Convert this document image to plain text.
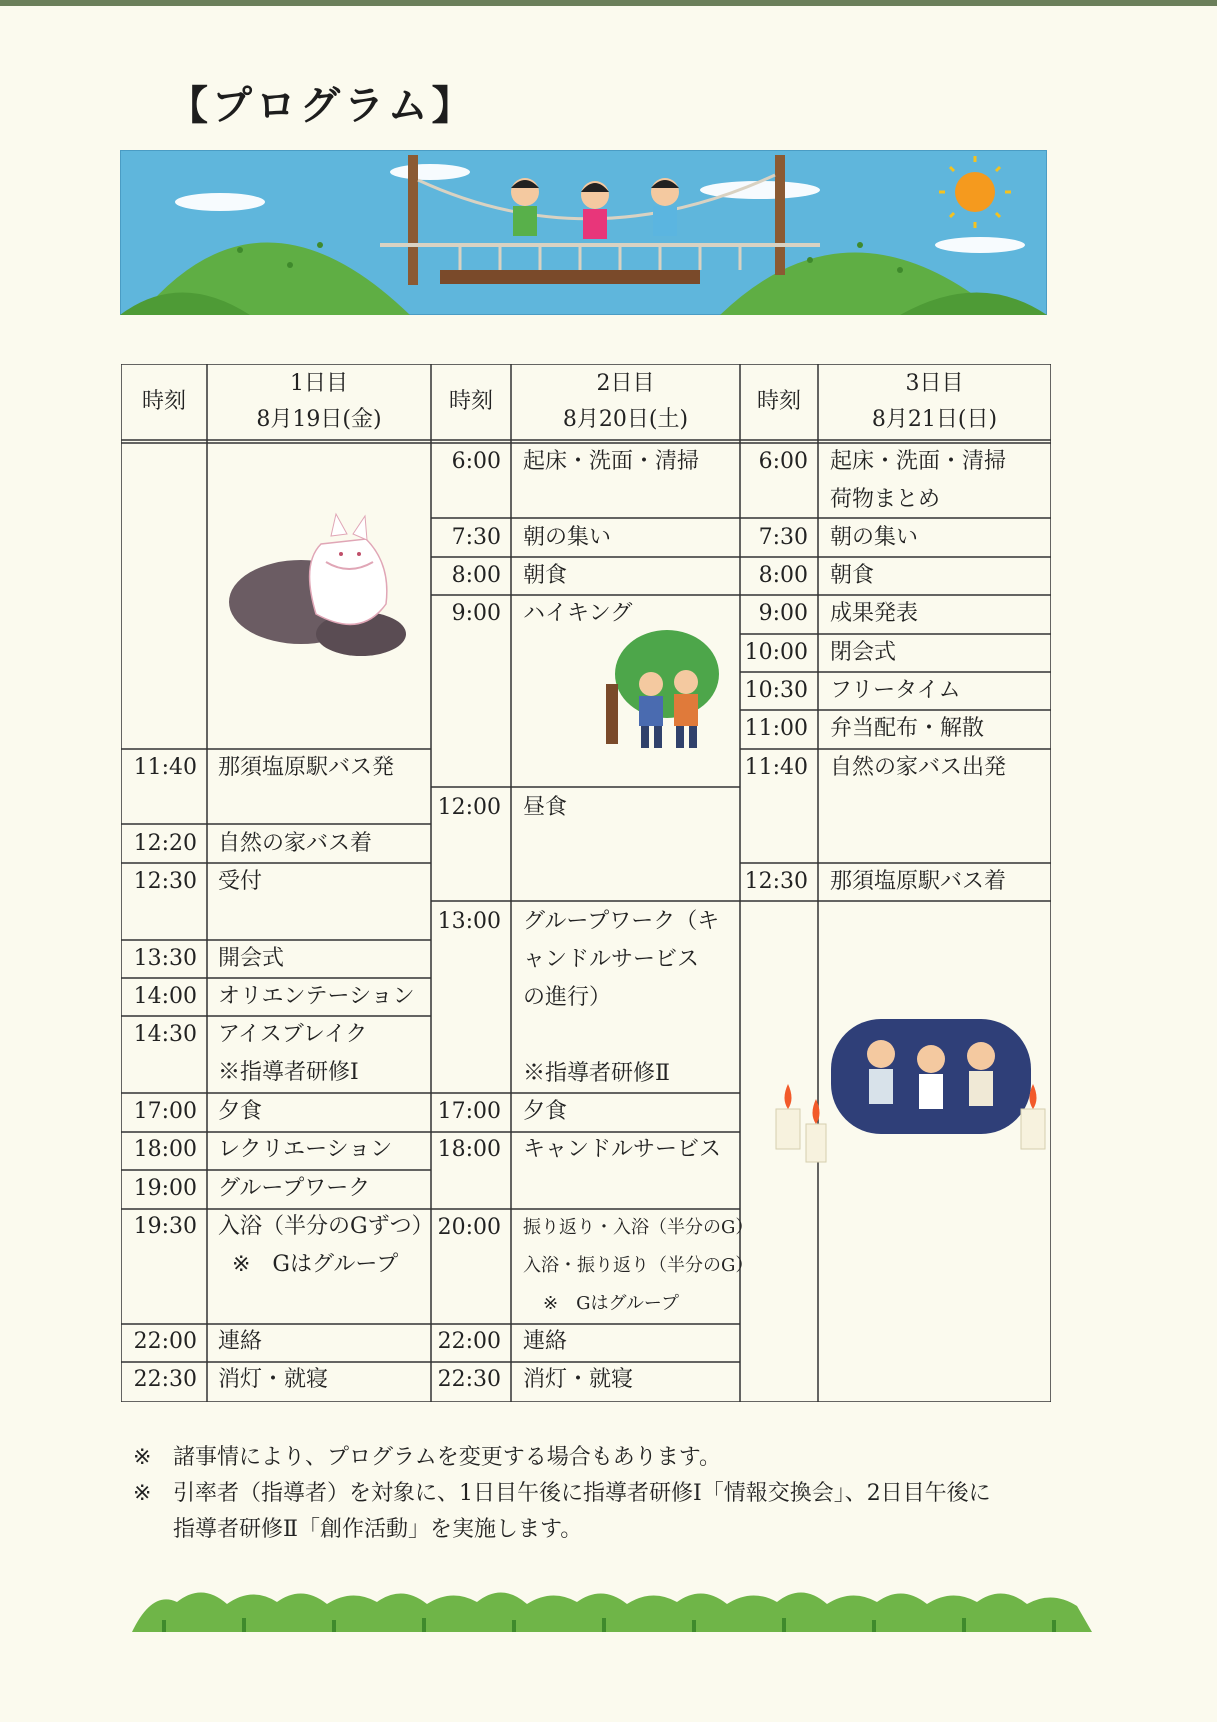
【プログラム】
時刻
1日目
8月19日(金)
時刻
2日目
8月20日(土)
時刻
3日目
8月21日(日)
11:40 那須塩原駅バス発
12:20 自然の家バス着
12:30 受付
13:30 開会式
14:00 オリエンテーション
14:30 アイスブレイク
※指導者研修Ⅰ
17:00 夕食
18:00 レクリエーション
19:00 グループワーク
19:30 入浴（半分のGずつ）
※　Gはグループ
22:00 連絡
22:30 消灯・就寝
6:00 起床・洗面・清掃
7:30 朝の集い
8:00 朝食
9:00 ハイキング
12:00 昼食
13:00 グループワーク（キ
ャンドルサービス
の進行）
※指導者研修Ⅱ
17:00 夕食
18:00 キャンドルサービス
20:00 振り返り・入浴（半分のG）
入浴・振り返り（半分のG）
※　Gはグループ
22:00 連絡
22:30 消灯・就寝
6:00 起床・洗面・清掃
荷物まとめ
7:30 朝の集い
8:00 朝食
9:00 成果発表
10:00 閉会式
10:30 フリータイム
11:00 弁当配布・解散
11:40 自然の家バス出発
12:30 那須塩原駅バス着
※ 諸事情により、プログラムを変更する場合もあります。
※ 引率者（指導者）を対象に、1日目午後に指導者研修Ⅰ「情報交換会」、2日目午後に
指導者研修Ⅱ「創作活動」を実施します。
